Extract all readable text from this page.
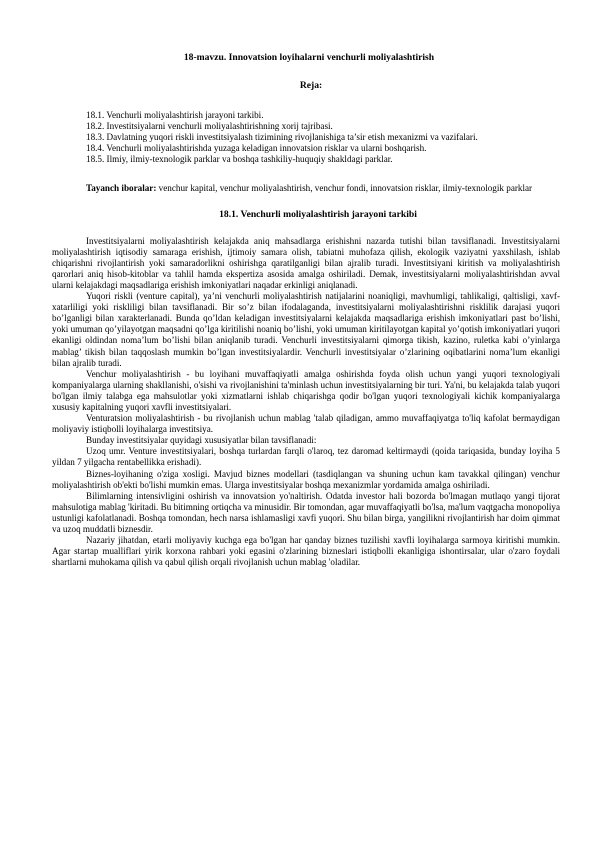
18-mavzu. Innovatsion loyihalarni venchurli moliyalashtirish

Reja:

18.1. Venchurli moliyalashtirish jarayoni tarkibi.

18.2. Investitsiyalarni venchurli moliyalashtirishning xorij tajribasi.

18.3. Davlatning yuqori riskli investitsiyalash tizimining rivojlanishiga ta’sir etish mexanizmi va vazifalari.

18.4. Venchurli moliyalashtirishda yuzaga keladigan innovatsion risklar va ularni boshqarish.

18.5. Ilmiy, ilmiy-texnologik parklar va boshqa tashkiliy-huquqiy shakldagi parklar.

Tayanch iboralar: venchur kapital, venchur moliyalashtirish, venchur fondi, innovatsion risklar, ilmiy-texnologik parklar

18.1. Venchurli moliyalashtirish jarayoni tarkibi

Investitsiyalarni moliyalashtirish kelajakda aniq mahsadlarga erishishni nazarda tutishi bilan tavsiflanadi. Investitsiyalarni moliyalashtirish iqtisodiy samaraga erishish, ijtimoiy samara olish, tabiatni muhofaza qilish, ekologik vaziyatni yaxshilash, ishlab chiqarishni rivojlantirish yoki samaradorlikni oshirishga qaratilganligi bilan ajralib turadi. Investitsiyani kiritish va moliyalashtirish qarorlari aniq hisob-kitoblar va tahlil hamda ekspertiza asosida amalga oshiriladi. Demak, investitsiyalarni moliyalashtirishdan avval ularni kelajakdagi maqsadlariga erishish imkoniyatlari naqadar erkinligi aniqlanadi.

Yuqori riskli (venture capital), ya’ni venchurli moliyalashtirish natijalarini noaniqligi, mavhumligi, tahlikaligi, qaltisligi, xavf-xatarliligi yoki riskliligi bilan tavsiflanadi. Bir so’z bilan ifodalaganda, investitsiyalarni moliyalashtirishni risklilik darajasi yuqori bo’lganligi bilan xarakterlanadi. Bunda qo’ldan keladigan investitsiyalarni kelajakda maqsadlariga erishish imkoniyatlari past bo’lishi, yoki umuman qo’yilayotgan maqsadni qo’lga kiritilishi noaniq bo’lishi, yoki umuman kiritilayotgan kapital yo’qotish imkoniyatlari yuqori ekanligi oldindan noma’lum bo’lishi bilan aniqlanib turadi. Venchurli investitsiyalarni qimorga tikish, kazino, ruletka kabi o’yinlarga mablag’ tikish bilan taqqoslash mumkin bo’lgan investitsiyalardir. Venchurli investitsiyalar o’zlarining oqibatlarini noma’lum ekanligi bilan ajralib turadi.

Venchur moliyalashtirish - bu loyihani muvaffaqiyatli amalga oshirishda foyda olish uchun yangi yuqori texnologiyali kompaniyalarga ularning shakllanishi, o'sishi va rivojlanishini ta'minlash uchun investitsiyalarning bir turi. Ya'ni, bu kelajakda talab yuqori bo'lgan ilmiy talabga ega mahsulotlar yoki xizmatlarni ishlab chiqarishga qodir bo'lgan yuqori texnologiyali kichik kompaniyalarga xususiy kapitalning yuqori xavfli investitsiyalari.

Venturatsion moliyalashtirish - bu rivojlanish uchun mablag 'talab qiladigan, ammo muvaffaqiyatga to'liq kafolat bermaydigan moliyaviy istiqbolli loyihalarga investitsiya.

Bunday investitsiyalar quyidagi xususiyatlar bilan tavsiflanadi:

Uzoq umr. Venture investitsiyalari, boshqa turlardan farqli o'laroq, tez daromad keltirmaydi (qoida tariqasida, bunday loyiha 5 yildan 7 yilgacha rentabellikka erishadi).

Biznes-loyihaning o'ziga xosligi. Mavjud biznes modellari (tasdiqlangan va shuning uchun kam tavakkal qilingan) venchur moliyalashtirish ob'ekti bo'lishi mumkin emas. Ularga investitsiyalar boshqa mexanizmlar yordamida amalga oshiriladi.

Bilimlarning intensivligini oshirish va innovatsion yo'naltirish. Odatda investor hali bozorda bo'lmagan mutlaqo yangi tijorat mahsulotiga mablag 'kiritadi. Bu bitimning ortiqcha va minusidir. Bir tomondan, agar muvaffaqiyatli bo'lsa, ma'lum vaqtgacha monopoliya ustunligi kafolatlanadi. Boshqa tomondan, hech narsa ishlamasligi xavfi yuqori. Shu bilan birga, yangilikni rivojlantirish har doim qimmat va uzoq muddatli biznesdir.

Nazariy jihatdan, etarli moliyaviy kuchga ega bo'lgan har qanday biznes tuzilishi xavfli loyihalarga sarmoya kiritishi mumkin. Agar startap mualliflari yirik korxona rahbari yoki egasini o'zlarining bizneslari istiqbolli ekanligiga ishontirsalar, ular o'zaro foydali shartlarni muhokama qilish va qabul qilish orqali rivojlanish uchun mablag 'oladilar.
